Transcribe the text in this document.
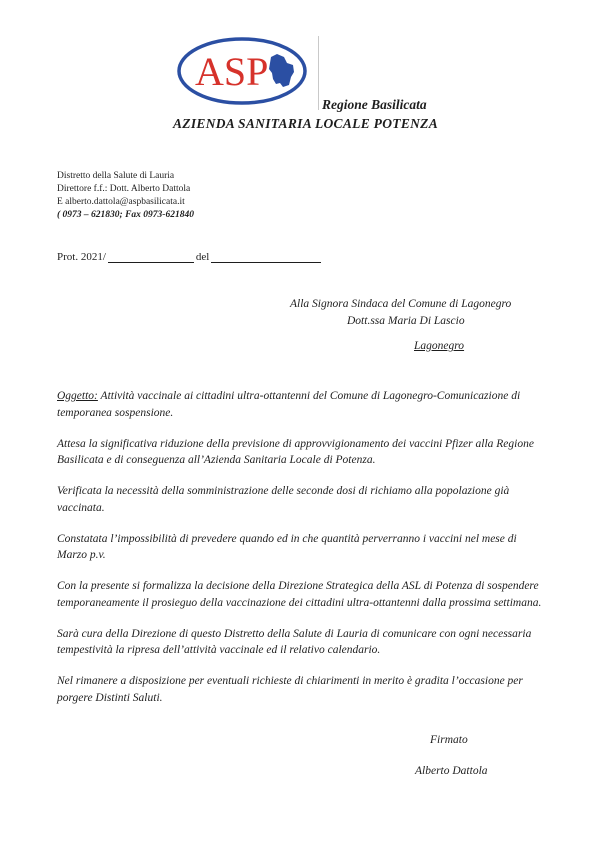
ASP
Regione Basilicata
AZIENDA SANITARIA LOCALE POTENZA
Distretto della Salute di Lauria
Direttore f.f.: Dott. Alberto Dattola
E alberto.dattola@aspbasilicata.it
( 0973 – 621830; Fax 0973-621840
Prot. 2021/	del
Alla Signora Sindaca del Comune di Lagonegro
Dott.ssa Maria Di Lascio
Lagonegro

Oggetto: Attività vaccinale ai cittadini ultra-ottantenni del Comune di Lagonegro-Comunicazione di temporanea sospensione.

Attesa la significativa riduzione della previsione di approvvigionamento dei vaccini Pfizer alla Regione Basilicata e di conseguenza all’Azienda Sanitaria Locale di Potenza.

Verificata la necessità della somministrazione delle seconde dosi di richiamo alla popolazione già vaccinata.

Constatata l’impossibilità di prevedere quando ed in che quantità perverranno i vaccini nel mese di Marzo p.v.

Con la presente si formalizza la decisione della Direzione Strategica della ASL di Potenza di sospendere temporaneamente il prosieguo della vaccinazione dei cittadini ultra-ottantenni dalla prossima settimana.

Sarà cura della Direzione di questo Distretto della Salute di Lauria di comunicare con ogni necessaria tempestività la ripresa dell’attività vaccinale ed il relativo calendario.

Nel rimanere a disposizione per eventuali richieste di chiarimenti in merito è gradita l’occasione per porgere Distinti Saluti.

Firmato
Alberto Dattola
